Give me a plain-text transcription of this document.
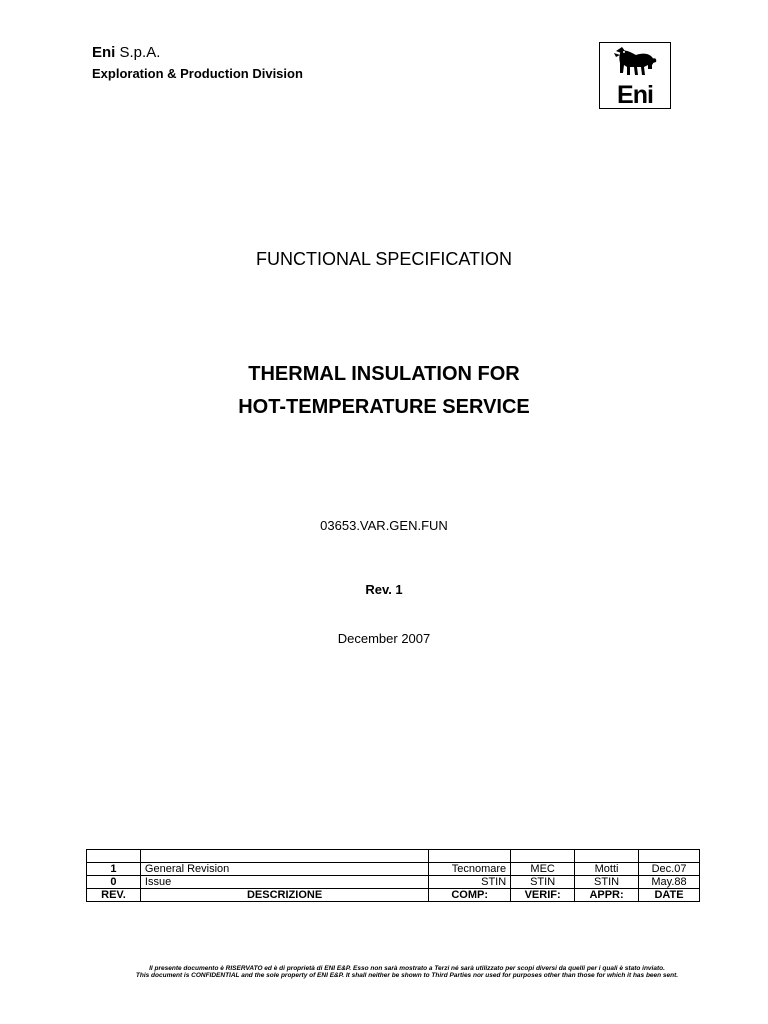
Eni S.p.A.
Exploration & Production Division
Eni
FUNCTIONAL SPECIFICATION
THERMAL INSULATION FOR
HOT-TEMPERATURE SERVICE
03653.VAR.GEN.FUN
Rev. 1
December 2007

1	General Revision	Tecnomare	MEC	Motti	Dec.07
0	Issue	STIN	STIN	STIN	May.88
REV.	DESCRIZIONE	COMP:	VERIF:	APPR:	DATE
Il presente documento è RISERVATO ed è di proprietà di ENI E&P. Esso non sarà mostrato a Terzi né sarà utilizzato per scopi diversi da quelli per i quali è stato inviato.
This document is CONFIDENTIAL and the sole property of ENI E&P. It shall neither be shown to Third Parties nor used for purposes other than those for which it has been sent.
